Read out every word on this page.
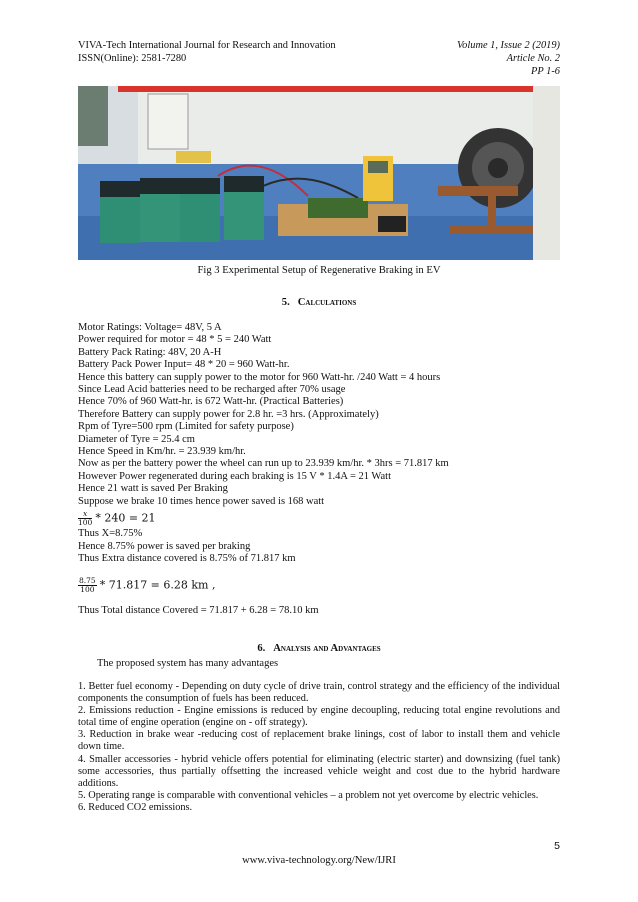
VIVA-Tech International Journal for Research and Innovation
ISSN(Online): 2581-7280
Volume 1, Issue 2 (2019)
Article No. 2
PP 1-6
Fig 3 Experimental Setup of Regenerative Braking in EV
5. Calculations
Motor Ratings: Voltage= 48V, 5 A
Power required for motor = 48 * 5 = 240 Watt
Battery Pack Rating: 48V, 20 A-H
Battery Pack Power Input= 48 * 20 = 960 Watt-hr.
Hence this battery can supply power to the motor for 960 Watt-hr. /240 Watt = 4 hours
Since Lead Acid batteries need to be recharged after 70% usage
Hence 70% of 960 Watt-hr. is 672 Watt-hr. (Practical Batteries)
Therefore Battery can supply power for 2.8 hr. =3 hrs. (Approximately)
Rpm of Tyre=500 rpm (Limited for safety purpose)
Diameter of Tyre = 25.4 cm
Hence Speed in Km/hr. = 23.939 km/hr.
Now as per the battery power the wheel can run up to 23.939 km/hr. * 3hrs = 71.817 km
However Power regenerated during each braking is 15 V * 1.4A = 21 Watt
Hence 21 watt is saved Per Braking
Suppose we brake 10 times hence power saved is 168 watt
$\frac{x}{100} * 240 = 21$
Thus X=8.75%
Hence 8.75% power is saved per braking
Thus Extra distance covered is 8.75% of 71.817 km
$\frac{8.75}{100} * 71.817 = 6.28$ km ,
Thus Total distance Covered = 71.817 + 6.28 = 78.10 km
6. Analysis and Advantages
The proposed system has many advantages

1. Better fuel economy - Depending on duty cycle of drive train, control strategy and the efficiency of the individual components the consumption of fuels has been reduced.

2. Emissions reduction - Engine emissions is reduced by engine decoupling, reducing total engine revolutions and total time of engine operation (engine on - off strategy).

3. Reduction in brake wear -reducing cost of replacement brake linings, cost of labor to install them and vehicle down time.

4. Smaller accessories - hybrid vehicle offers potential for eliminating (electric starter) and downsizing (fuel tank) some accessories, thus partially offsetting the increased vehicle weight and cost due to the hybrid hardware additions.

5. Operating range is comparable with conventional vehicles – a problem not yet overcome by electric vehicles.

6. Reduced CO2 emissions.

5
www.viva-technology.org/New/IJRI
